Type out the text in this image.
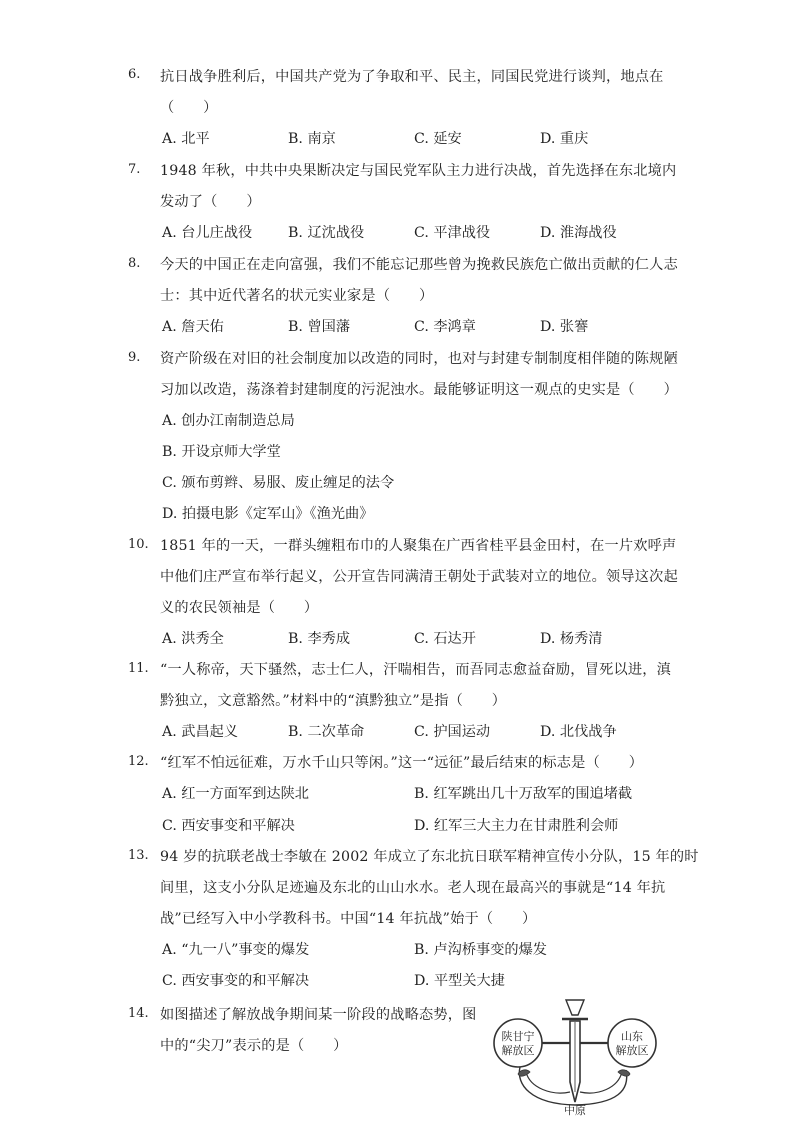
6.	抗日战争胜利后，中国共产党为了争取和平、民主，同国民党进行谈判，地点在
（　　）
A. 北平	B. 南京	C. 延安	D. 重庆
7.	1948 年秋，中共中央果断决定与国民党军队主力进行决战，首先选择在东北境内
发动了（　　）
A. 台儿庄战役	B. 辽沈战役	C. 平津战役	D. 淮海战役
8.	今天的中国正在走向富强，我们不能忘记那些曾为挽救民族危亡做出贡献的仁人志
士：其中近代著名的状元实业家是（　　）
A. 詹天佑	B. 曾国藩	C. 李鸿章	D. 张謇
9.	资产阶级在对旧的社会制度加以改造的同时，也对与封建专制制度相伴随的陈规陋
习加以改造，荡涤着封建制度的污泥浊水。最能够证明这一观点的史实是（　　）
A. 创办江南制造总局
B. 开设京师大学堂
C. 颁布剪辫、易服、废止缠足的法令
D. 拍摄电影《定军山》《渔光曲》
10. 1851 年的一天，一群头缠粗布巾的人聚集在广西省桂平县金田村，在一片欢呼声
中他们庄严宣布举行起义，公开宣告同满清王朝处于武装对立的地位。领导这次起
义的农民领袖是（　　）
A. 洪秀全	B. 李秀成	C. 石达开	D. 杨秀清
11. “一人称帝，天下骚然，志士仁人，汗喘相告，而吾同志愈益奋励，冒死以进，滇
黔独立，文意豁然。”材料中的“滇黔独立”是指（　　）
A. 武昌起义	B. 二次革命	C. 护国运动	D. 北伐战争
12. “红军不怕远征难，万水千山只等闲。”这一“远征”最后结束的标志是（　　）
A. 红一方面军到达陕北	B. 红军跳出几十万敌军的围追堵截
C. 西安事变和平解决	D. 红军三大主力在甘肃胜利会师
13. 94 岁的抗联老战士李敏在 2002 年成立了东北抗日联军精神宣传小分队，15 年的时
间里，这支小分队足迹遍及东北的山山水水。老人现在最高兴的事就是“14 年抗
战”已经写入中小学教科书。中国“14 年抗战”始于（　　）
A. “九一八”事变的爆发	B. 卢沟桥事变的爆发
C. 西安事变的和平解决	D. 平型关大捷
14. 如图描述了解放战争期间某一阶段的战略态势，图
中的“尖刀”表示的是（　　）
陕甘宁
解放区
山东
解放区
中原
